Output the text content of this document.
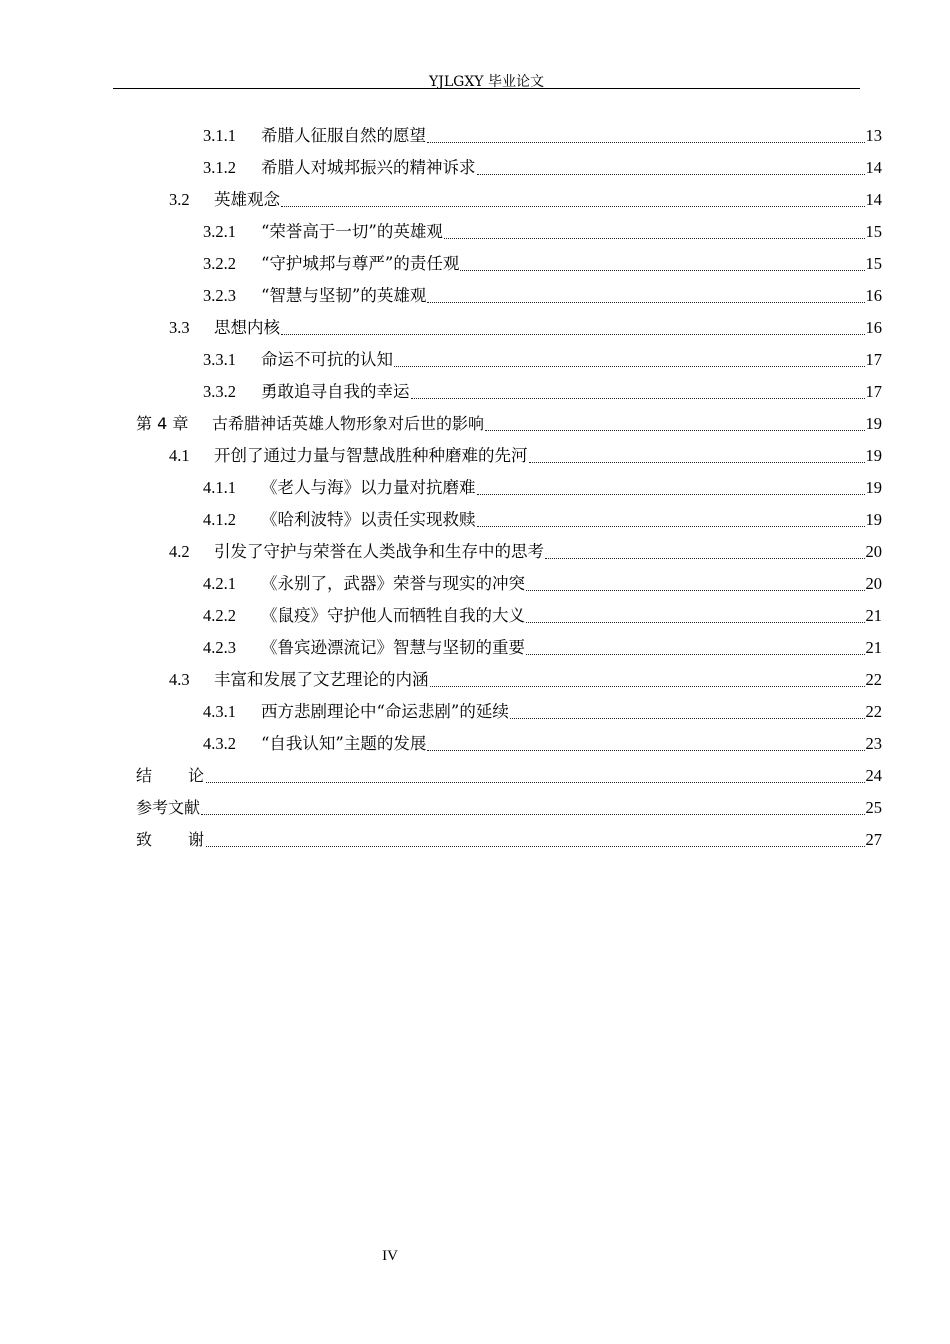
YJLGXY 毕业论文
3.1.1	希腊人征服自然的愿望	13
3.1.2	希腊人对城邦振兴的精神诉求	14
3.2	英雄观念	14
3.2.1	“荣誉高于一切”的英雄观	15
3.2.2	“守护城邦与尊严”的责任观	15
3.2.3	“智慧与坚韧”的英雄观	16
3.3	思想内核	16
3.3.1	命运不可抗的认知	17
3.3.2	勇敢追寻自我的幸运	17
第 4 章	古希腊神话英雄人物形象对后世的影响	19
4.1	开创了通过力量与智慧战胜种种磨难的先河	19
4.1.1	《老人与海》以力量对抗磨难	19
4.1.2	《哈利波特》以责任实现救赎	19
4.2	引发了守护与荣誉在人类战争和生存中的思考	20
4.2.1	《永别了，武器》荣誉与现实的冲突	20
4.2.2	《鼠疫》守护他人而牺牲自我的大义	21
4.2.3	《鲁宾逊漂流记》智慧与坚韧的重要	21
4.3	丰富和发展了文艺理论的内涵	22
4.3.1	西方悲剧理论中“命运悲剧”的延续	22
4.3.2	“自我认知”主题的发展	23
结论	24
参考文献	25
致谢	27
IV
